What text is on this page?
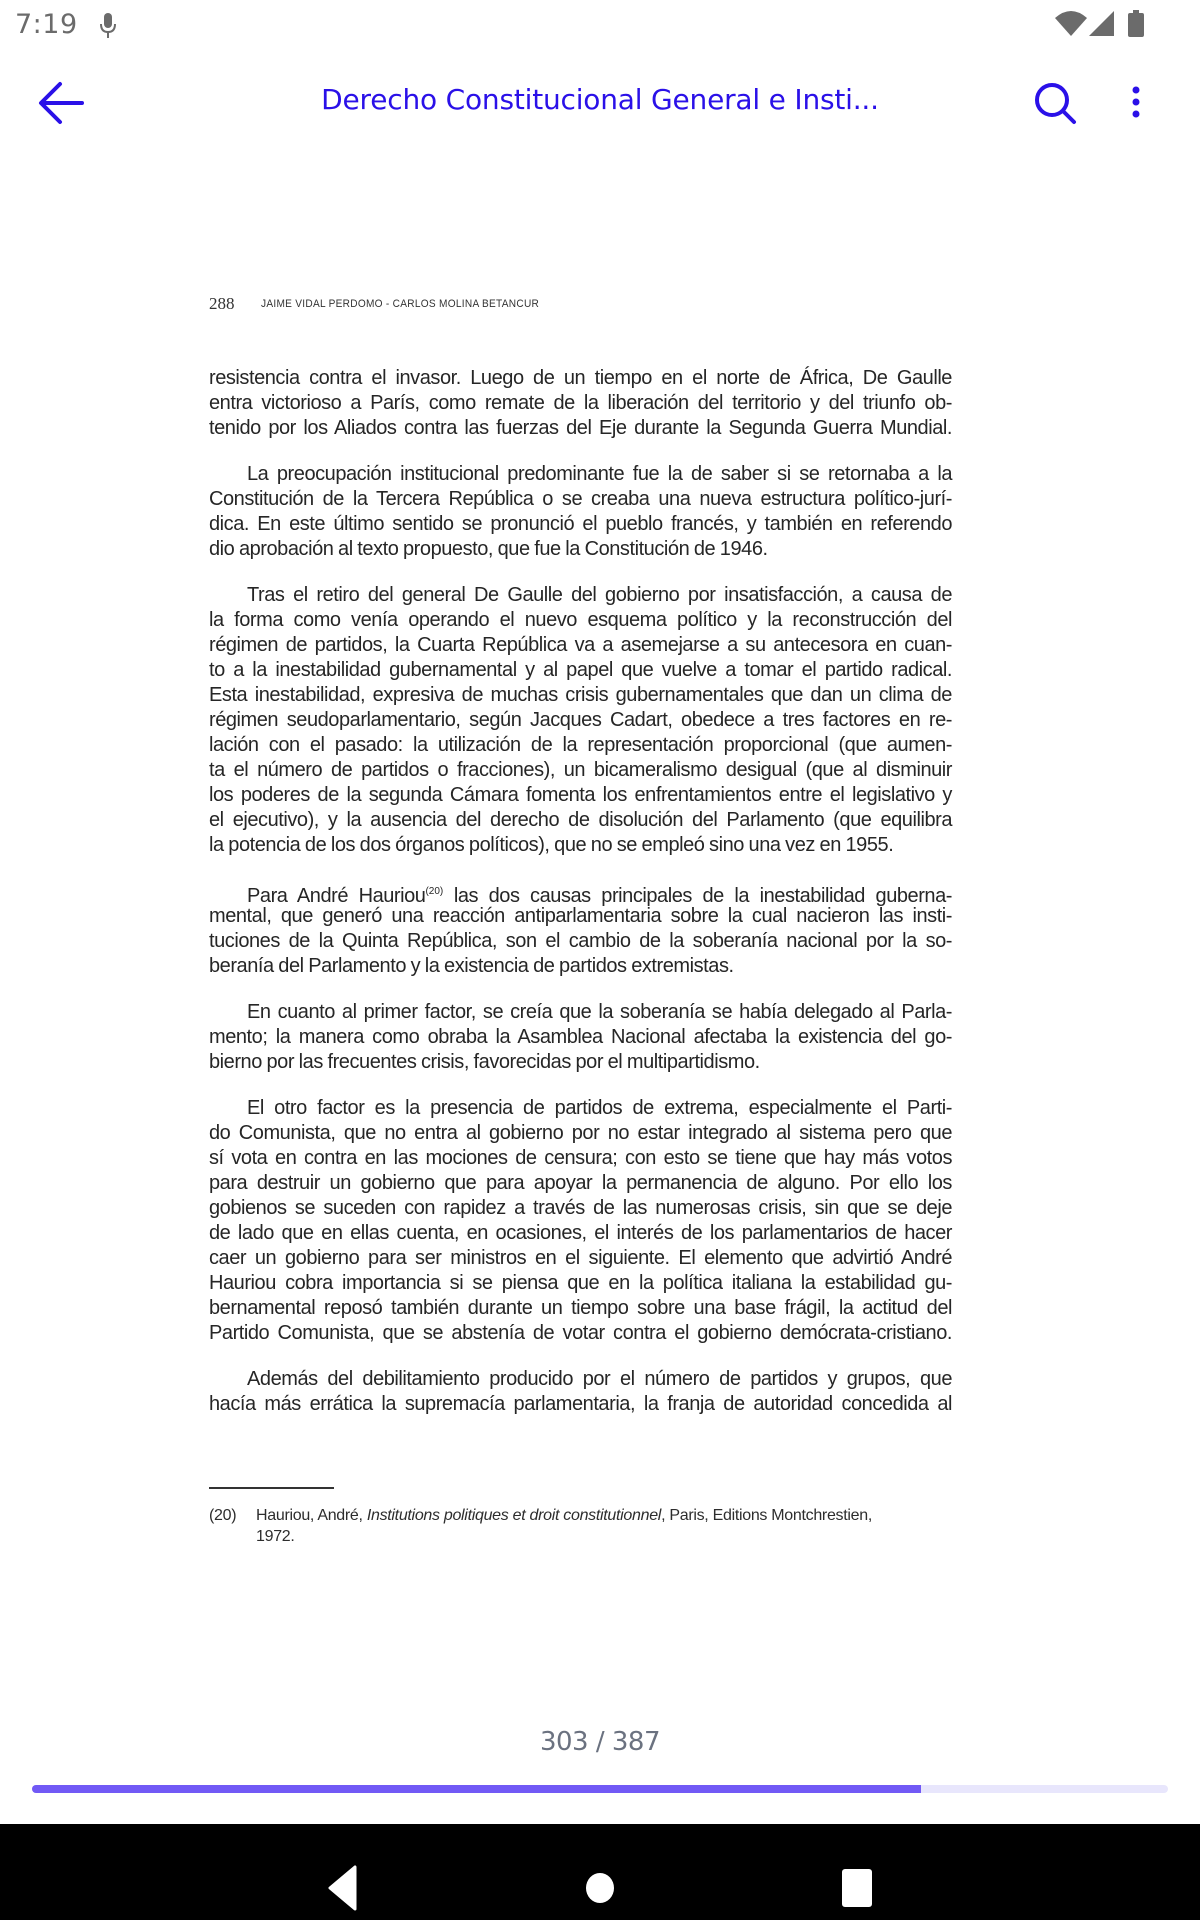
7:19
Derecho Constitucional General e Insti...
288 JAIME VIDAL PERDOMO - CARLOS MOLINA BETANCUR
resistencia contra el invasor. Luego de un tiempo en el norte de África, De Gaulle
entra victorioso a París, como remate de la liberación del territorio y del triunfo ob-
tenido por los Aliados contra las fuerzas del Eje durante la Segunda Guerra Mundial.
La preocupación institucional predominante fue la de saber si se retornaba a la
Constitución de la Tercera República o se creaba una nueva estructura político-jurí-
dica. En este último sentido se pronunció el pueblo francés, y también en referendo
dio aprobación al texto propuesto, que fue la Constitución de 1946.
Tras el retiro del general De Gaulle del gobierno por insatisfacción, a causa de
la forma como venía operando el nuevo esquema político y la reconstrucción del
régimen de partidos, la Cuarta República va a asemejarse a su antecesora en cuan-
to a la inestabilidad gubernamental y al papel que vuelve a tomar el partido radical.
Esta inestabilidad, expresiva de muchas crisis gubernamentales que dan un clima de
régimen seudoparlamentario, según Jacques Cadart, obedece a tres factores en re-
lación con el pasado: la utilización de la representación proporcional (que aumen-
ta el número de partidos o fracciones), un bicameralismo desigual (que al disminuir
los poderes de la segunda Cámara fomenta los enfrentamientos entre el legislativo y
el ejecutivo), y la ausencia del derecho de disolución del Parlamento (que equilibra
la potencia de los dos órganos políticos), que no se empleó sino una vez en 1955.
Para André Hauriou$^{(20)}$ las dos causas principales de la inestabilidad guberna-
mental, que generó una reacción antiparlamentaria sobre la cual nacieron las insti-
tuciones de la Quinta República, son el cambio de la soberanía nacional por la so-
beranía del Parlamento y la existencia de partidos extremistas.
En cuanto al primer factor, se creía que la soberanía se había delegado al Parla-
mento; la manera como obraba la Asamblea Nacional afectaba la existencia del go-
bierno por las frecuentes crisis, favorecidas por el multipartidismo.
El otro factor es la presencia de partidos de extrema, especialmente el Parti-
do Comunista, que no entra al gobierno por no estar integrado al sistema pero que
sí vota en contra en las mociones de censura; con esto se tiene que hay más votos
para destruir un gobierno que para apoyar la permanencia de alguno. Por ello los
gobienos se suceden con rapidez a través de las numerosas crisis, sin que se deje
de lado que en ellas cuenta, en ocasiones, el interés de los parlamentarios de hacer
caer un gobierno para ser ministros en el siguiente. El elemento que advirtió André
Hauriou cobra importancia si se piensa que en la política italiana la estabilidad gu-
bernamental reposó también durante un tiempo sobre una base frágil, la actitud del
Partido Comunista, que se abstenía de votar contra el gobierno demócrata-cristiano.
Además del debilitamiento producido por el número de partidos y grupos, que
hacía más errática la supremacía parlamentaria, la franja de autoridad concedida al
(20) Hauriou, André, Institutions politiques et droit constitutionnel, Paris, Editions Montchrestien,
1972.
303 / 387
